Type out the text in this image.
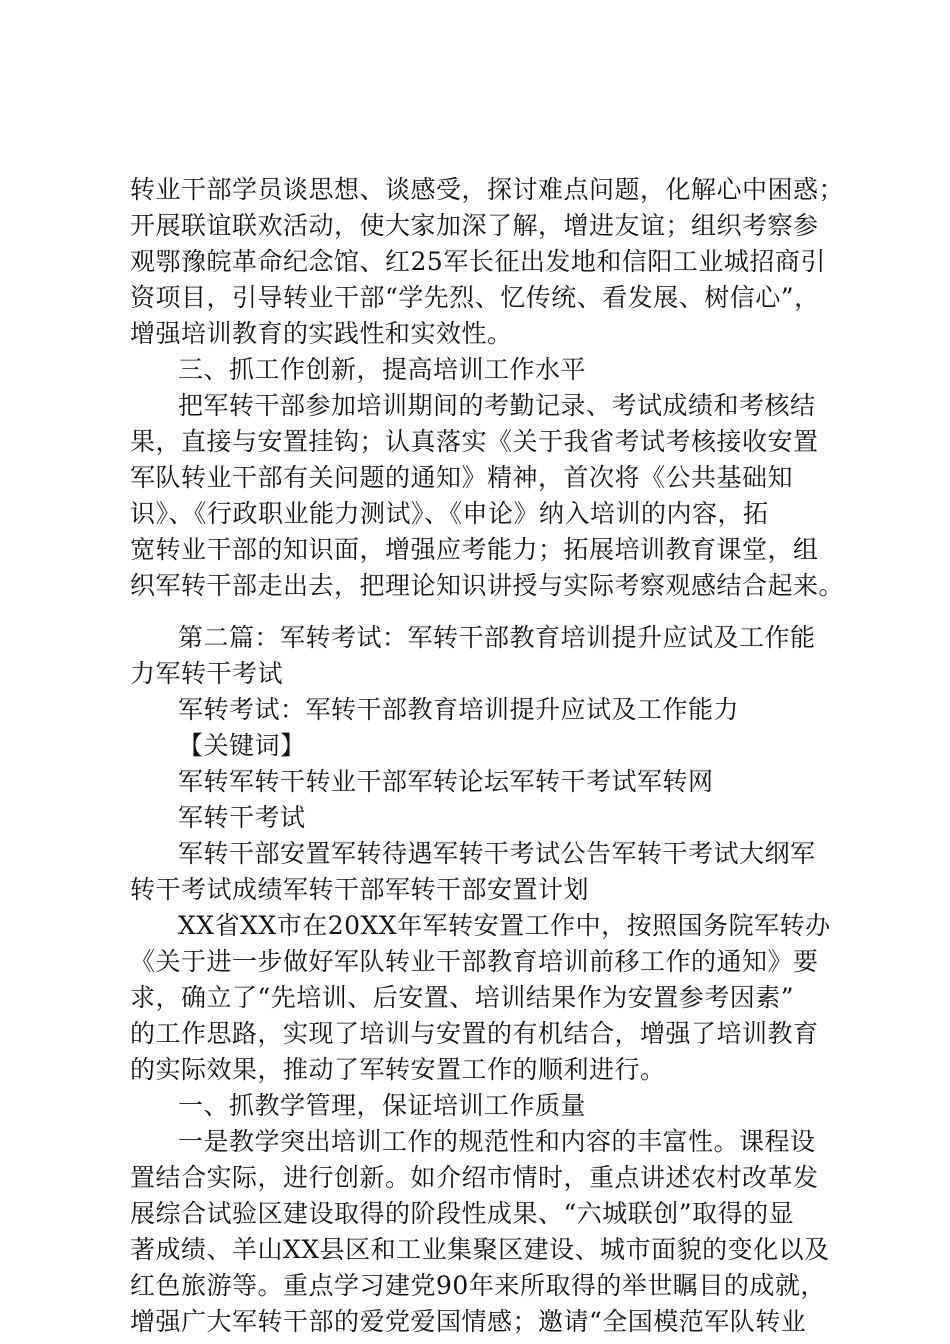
转业干部学员谈思想、谈感受，探讨难点问题，化解心中困惑；
开展联谊联欢活动，使大家加深了解，增进友谊；组织考察参
观鄂豫皖革命纪念馆、红25军长征出发地和信阳工业城招商引
资项目，引导转业干部“学先烈、忆传统、看发展、树信心”，
增强培训教育的实践性和实效性。
三、抓工作创新，提高培训工作水平
把军转干部参加培训期间的考勤记录、考试成绩和考核结
果，直接与安置挂钩；认真落实《关于我省考试考核接收安置
军队转业干部有关问题的通知》精神，首次将《公共基础知
识》、《行政职业能力测试》、《申论》纳入培训的内容，拓
宽转业干部的知识面，增强应考能力；拓展培训教育课堂，组
织军转干部走出去，把理论知识讲授与实际考察观感结合起来。
第二篇：军转考试：军转干部教育培训提升应试及工作能
力军转干考试
军转考试：军转干部教育培训提升应试及工作能力
【关键词】
军转军转干转业干部军转论坛军转干考试军转网
军转干考试
军转干部安置军转待遇军转干考试公告军转干考试大纲军
转干考试成绩军转干部军转干部安置计划
XX省XX市在20XX年军转安置工作中，按照国务院军转办
《关于进一步做好军队转业干部教育培训前移工作的通知》要
求，确立了“先培训、后安置、培训结果作为安置参考因素”
的工作思路，实现了培训与安置的有机结合，增强了培训教育
的实际效果，推动了军转安置工作的顺利进行。
一、抓教学管理，保证培训工作质量
一是教学突出培训工作的规范性和内容的丰富性。课程设
置结合实际，进行创新。如介绍市情时，重点讲述农村改革发
展综合试验区建设取得的阶段性成果、“六城联创”取得的显
著成绩、羊山XX县区和工业集聚区建设、城市面貌的变化以及
红色旅游等。重点学习建党90年来所取得的举世瞩目的成就，
增强广大军转干部的爱党爱国情感；邀请“全国模范军队转业
